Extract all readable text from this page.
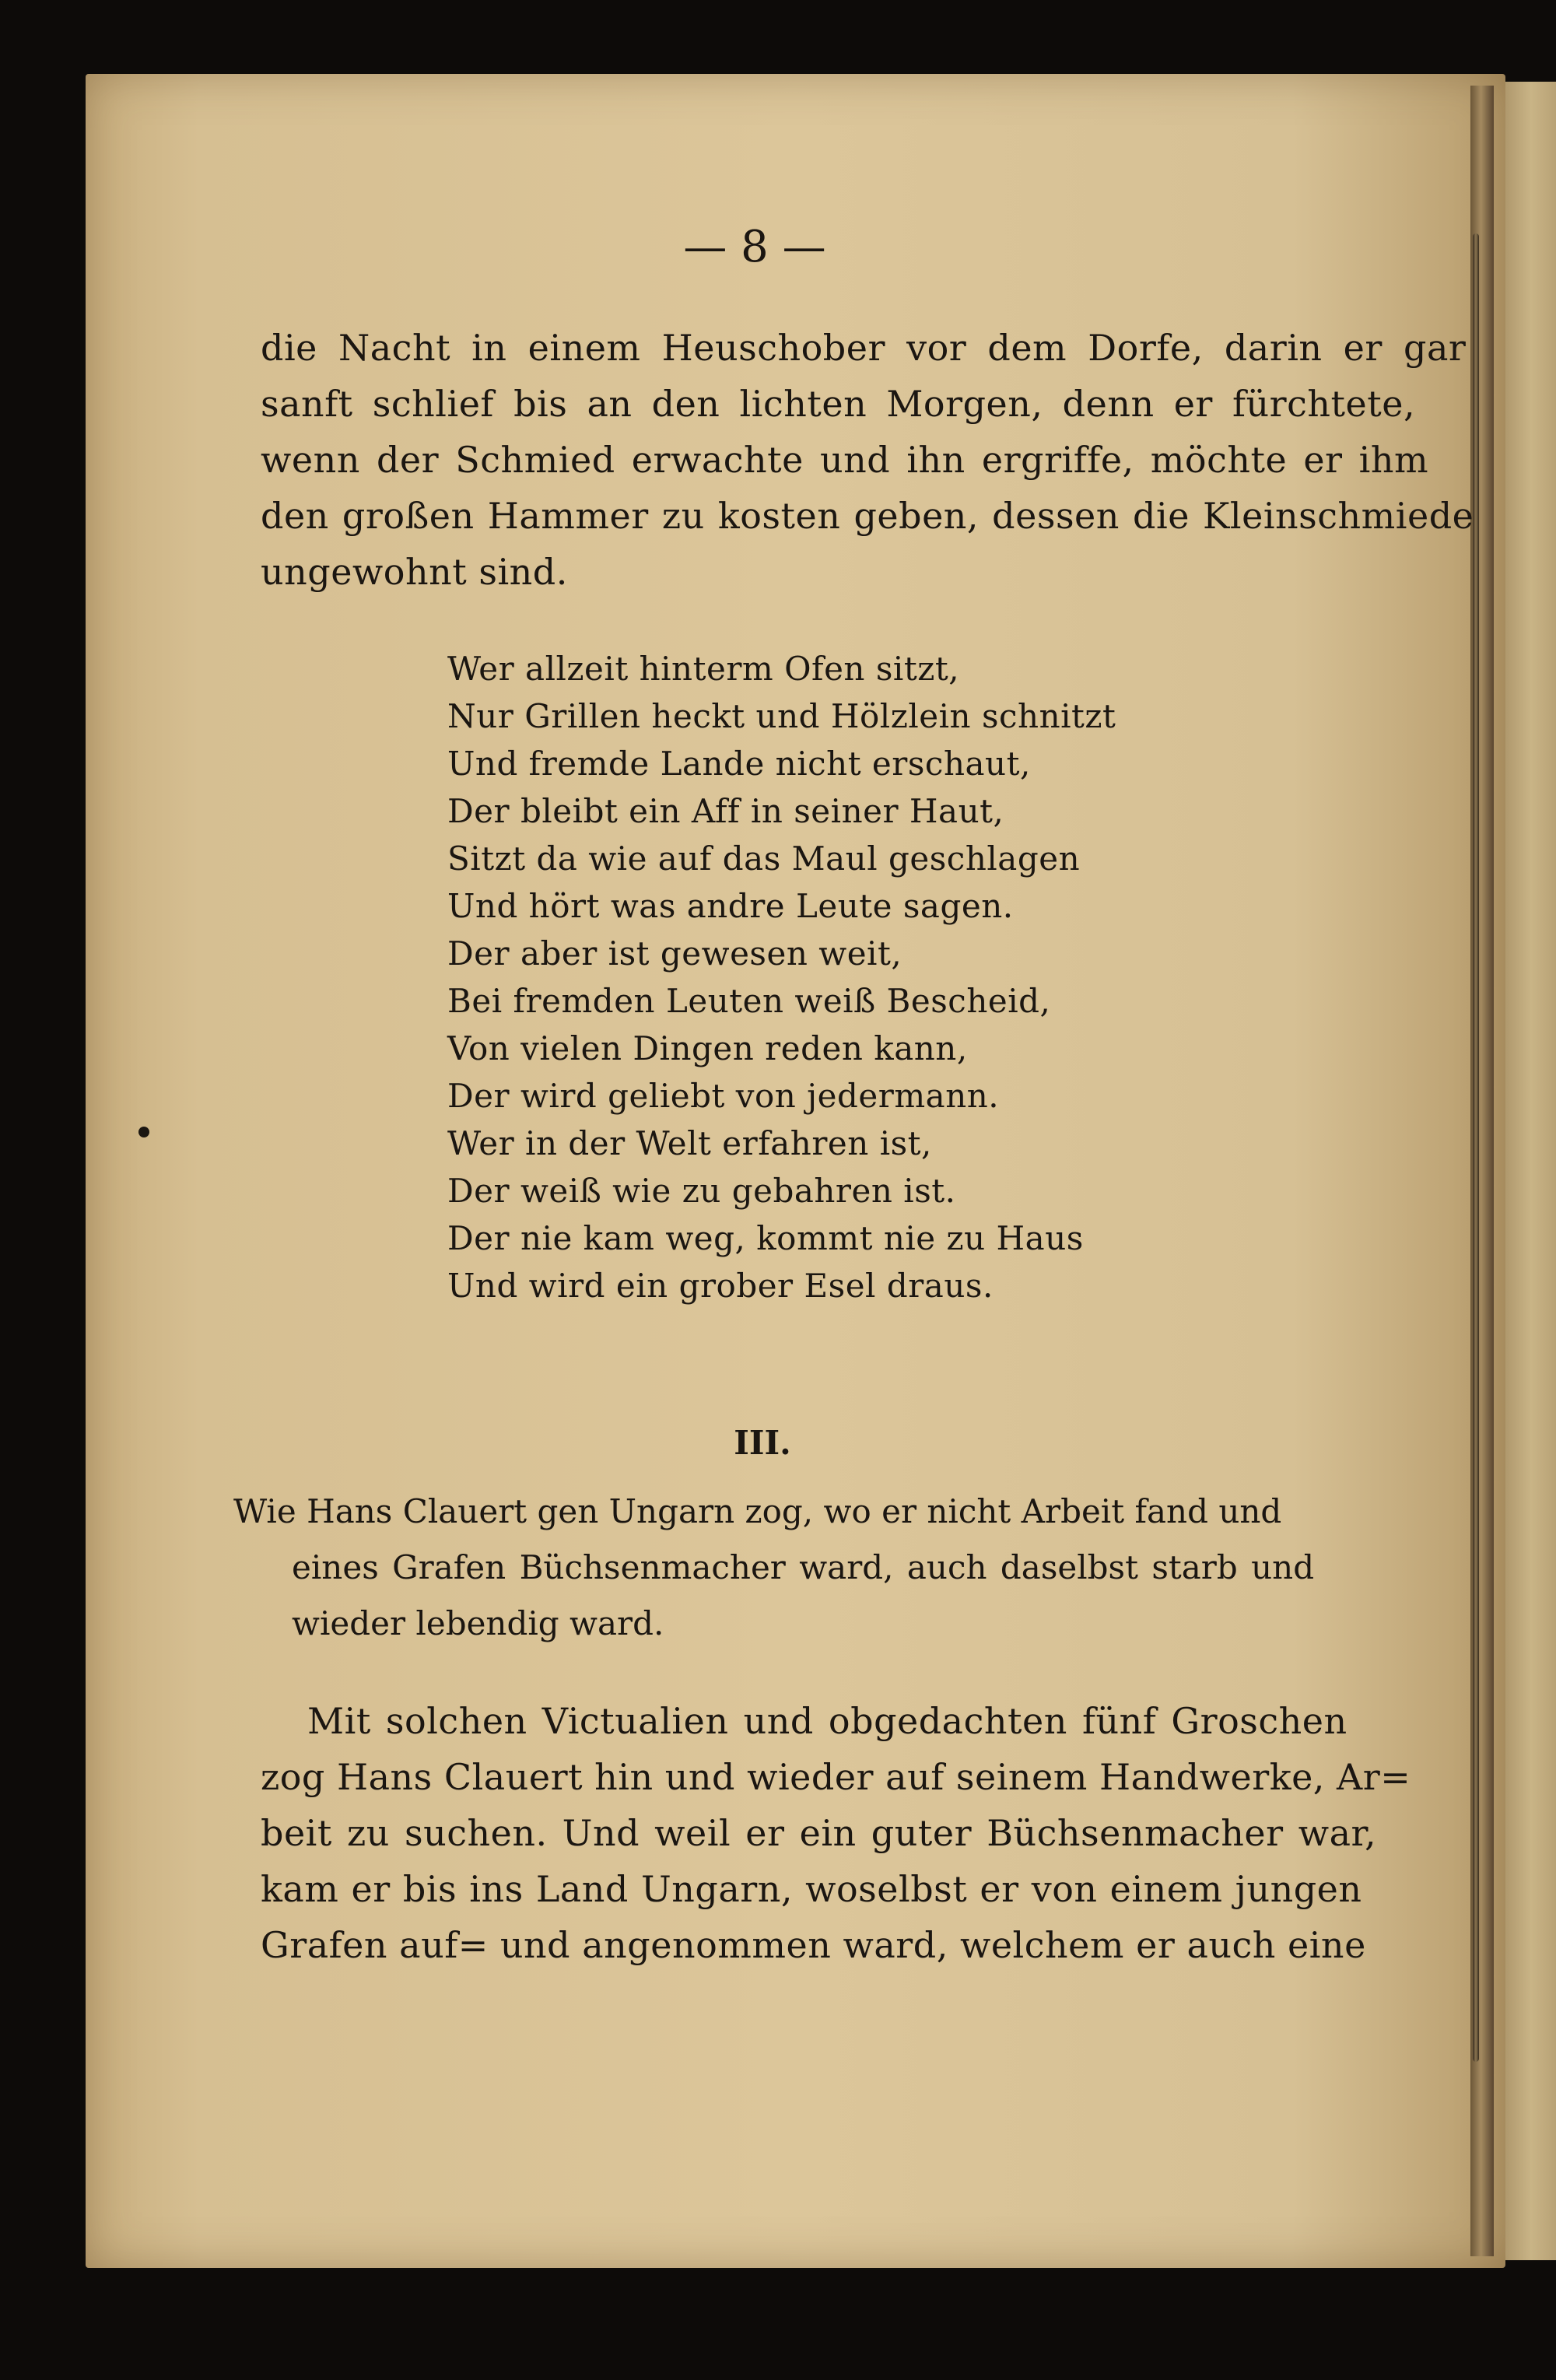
— 8 —

die Nacht in einem Heuschober vor dem Dorfe, darin er gar

sanft schlief bis an den lichten Morgen, denn er fürchtete,

wenn der Schmied erwachte und ihn ergriffe, möchte er ihm

den großen Hammer zu kosten geben, dessen die Kleinschmiede

ungewohnt sind.

Wer allzeit hinterm Ofen sitzt,

Nur Grillen heckt und Hölzlein schnitzt

Und fremde Lande nicht erschaut,

Der bleibt ein Aff in seiner Haut,

Sitzt da wie auf das Maul geschlagen

Und hört was andre Leute sagen.

Der aber ist gewesen weit,

Bei fremden Leuten weiß Bescheid,

Von vielen Dingen reden kann,

Der wird geliebt von jedermann.

Wer in der Welt erfahren ist,

Der weiß wie zu gebahren ist.

Der nie kam weg, kommt nie zu Haus

Und wird ein grober Esel draus.

III.

Wie Hans Clauert gen Ungarn zog, wo er nicht Arbeit fand und

eines Grafen Büchsenmacher ward, auch daselbst starb und

wieder lebendig ward.

Mit solchen Victualien und obgedachten fünf Groschen

zog Hans Clauert hin und wieder auf seinem Handwerke, Ar=

beit zu suchen. Und weil er ein guter Büchsenmacher war,

kam er bis ins Land Ungarn, woselbst er von einem jungen

Grafen auf= und angenommen ward, welchem er auch eine
